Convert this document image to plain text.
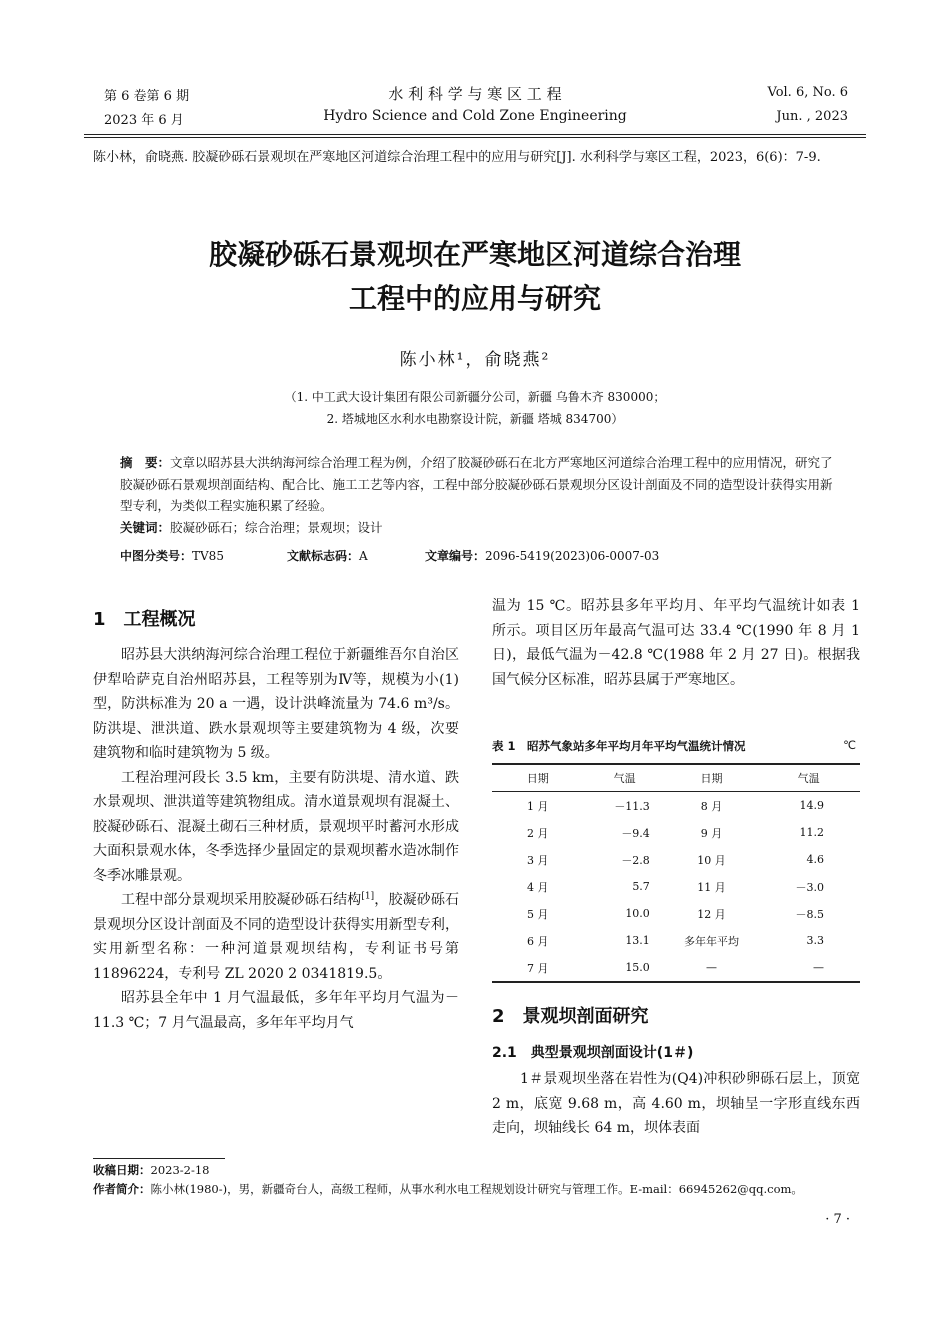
第 6 卷第 6 期
2023 年 6 月
水 利 科 学 与 寒 区 工 程
Hydro Science and Cold Zone Engineering
Vol. 6, No. 6
Jun. , 2023
陈小林，俞晓燕. 胶凝砂砾石景观坝在严寒地区河道综合治理工程中的应用与研究[J]. 水利科学与寒区工程，2023，6(6)：7-9.
胶凝砂砾石景观坝在严寒地区河道综合治理
工程中的应用与研究
陈小林¹，俞晓燕²
（1. 中工武大设计集团有限公司新疆分公司，新疆 乌鲁木齐 830000；
2. 塔城地区水利水电勘察设计院，新疆 塔城 834700）
摘　要：文章以昭苏县大洪纳海河综合治理工程为例，介绍了胶凝砂砾石在北方严寒地区河道综合治理工程中的应用情况，研究了胶凝砂砾石景观坝剖面结构、配合比、施工工艺等内容，工程中部分胶凝砂砾石景观坝分区设计剖面及不同的造型设计获得实用新型专利，为类似工程实施积累了经验。
关键词：胶凝砂砾石；综合治理；景观坝；设计
中图分类号：TV85	文献标志码：A	文章编号：2096-5419(2023)06-0007-03
1　工程概况

昭苏县大洪纳海河综合治理工程位于新疆维吾尔自治区伊犁哈萨克自治州昭苏县，工程等别为Ⅳ等，规模为小(1)型，防洪标准为 20 a 一遇，设计洪峰流量为 74.6 m³/s。防洪堤、泄洪道、跌水景观坝等主要建筑物为 4 级，次要建筑物和临时建筑物为 5 级。

工程治理河段长 3.5 km，主要有防洪堤、清水道、跌水景观坝、泄洪道等建筑物组成。清水道景观坝有混凝土、胶凝砂砾石、混凝土砌石三种材质，景观坝平时蓄河水形成大面积景观水体，冬季选择少量固定的景观坝蓄水造冰制作冬季冰雕景观。

工程中部分景观坝采用胶凝砂砾石结构[1]，胶凝砂砾石景观坝分区设计剖面及不同的造型设计获得实用新型专利，实用新型名称：一种河道景观坝结构，专利证书号第 11896224，专利号 ZL 2020 2 0341819.5。

昭苏县全年中 1 月气温最低，多年年平均月气温为－11.3 ℃；7 月气温最高，多年年平均月气

温为 15 ℃。昭苏县多年平均月、年平均气温统计如表 1 所示。项目区历年最高气温可达 33.4 ℃(1990 年 8 月 1 日)，最低气温为－42.8 ℃(1988 年 2 月 27 日)。根据我国气候分区标准，昭苏县属于严寒地区。

表 1　昭苏气象站多年平均月年平均气温统计情况	℃
日期	气温	日期	气温
1 月	－11.3	8 月	14.9
2 月	－9.4	9 月	11.2
3 月	－2.8	10 月	4.6
4 月	5.7	11 月	－3.0
5 月	10.0	12 月	－8.5
6 月	13.1	多年年平均	3.3
7 月	15.0	—	—
2　景观坝剖面研究
2.1　典型景观坝剖面设计(1＃)

1＃景观坝坐落在岩性为(Q4)冲积砂卵砾石层上，顶宽 2 m，底宽 9.68 m，高 4.60 m，坝轴呈一字形直线东西走向，坝轴线长 64 m，坝体表面

收稿日期：2023-2-18
作者简介：陈小林(1980-)，男，新疆奇台人，高级工程师，从事水利水电工程规划设计研究与管理工作。E-mail：66945262@qq.com。
· 7 ·
